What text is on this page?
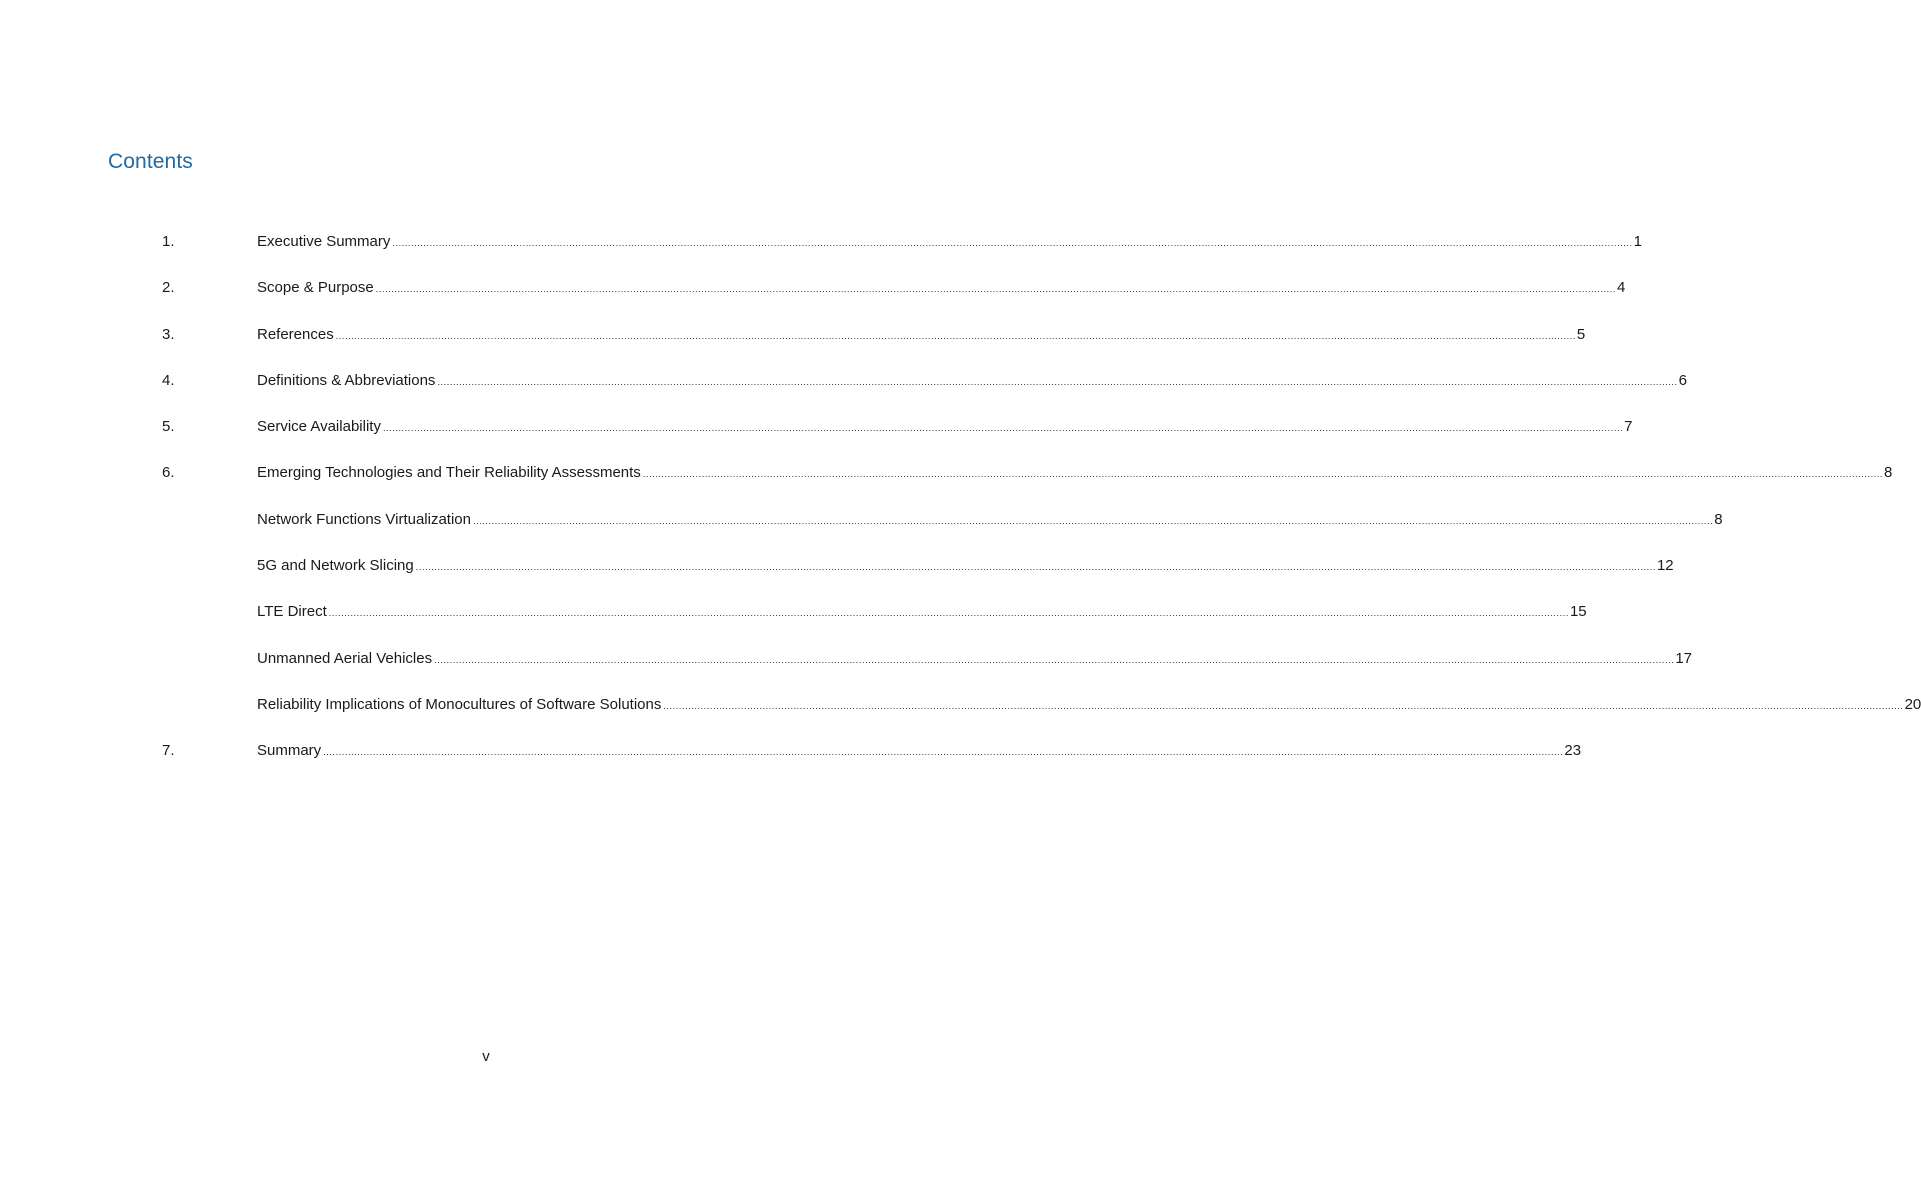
Contents
1.	Executive Summary ................................................................................................................................................................................................................................................................................................................................................................................................................ 1
2.	Scope & Purpose ................................................................................................................................................................................................................................................................................................................................................................................................................ 4
3.	References ................................................................................................................................................................................................................................................................................................................................................................................................................ 5
4.	Definitions & Abbreviations ................................................................................................................................................................................................................................................................................................................................................................................................................ 6
5.	Service Availability ................................................................................................................................................................................................................................................................................................................................................................................................................ 7
6.	Emerging Technologies and Their Reliability Assessments ................................................................................................................................................................................................................................................................................................................................................................................................................ 8
Network Functions Virtualization ................................................................................................................................................................................................................................................................................................................................................................................................................ 8
5G and Network Slicing ................................................................................................................................................................................................................................................................................................................................................................................................................ 12
LTE Direct ................................................................................................................................................................................................................................................................................................................................................................................................................ 15
Unmanned Aerial Vehicles ................................................................................................................................................................................................................................................................................................................................................................................................................ 17
Reliability Implications of Monocultures of Software Solutions ................................................................................................................................................................................................................................................................................................................................................................................................................ 20
7.	Summary ................................................................................................................................................................................................................................................................................................................................................................................................................ 23
v
